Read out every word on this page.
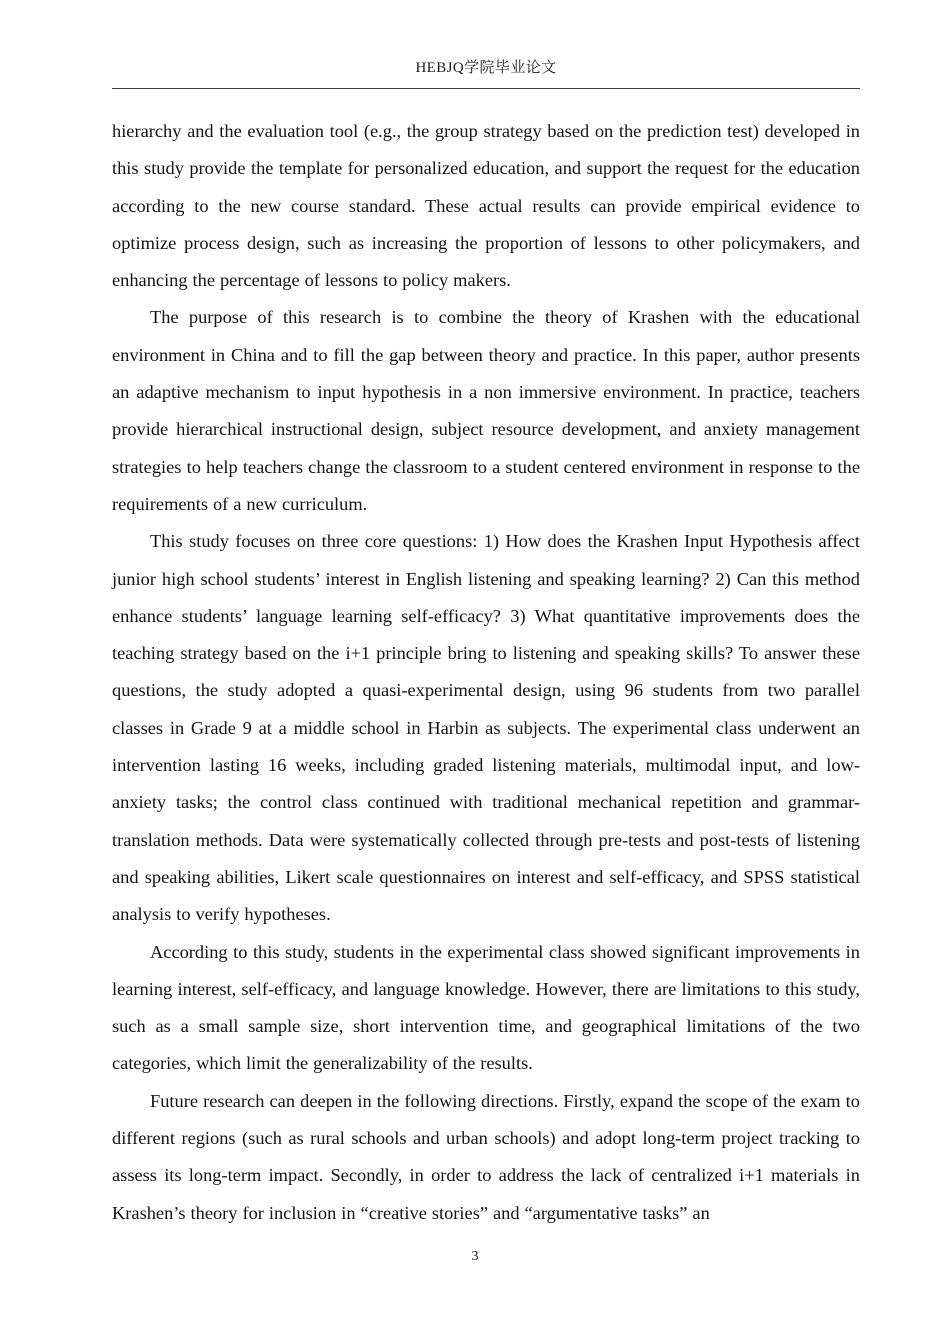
HEBJQ学院毕业论文

hierarchy and the evaluation tool (e.g., the group strategy based on the prediction test) developed in this study provide the template for personalized education, and support the request for the education according to the new course standard. These actual results can provide empirical evidence to optimize process design, such as increasing the proportion of lessons to other policymakers, and enhancing the percentage of lessons to policy makers.

The purpose of this research is to combine the theory of Krashen with the educational environment in China and to fill the gap between theory and practice. In this paper, author presents an adaptive mechanism to input hypothesis in a non immersive environment. In practice, teachers provide hierarchical instructional design, subject resource development, and anxiety management strategies to help teachers change the classroom to a student centered environment in response to the requirements of a new curriculum.

This study focuses on three core questions: 1) How does the Krashen Input Hypothesis affect junior high school students’ interest in English listening and speaking learning? 2) Can this method enhance students’ language learning self-efficacy? 3) What quantitative improvements does the teaching strategy based on the i+1 principle bring to listening and speaking skills? To answer these questions, the study adopted a quasi-experimental design, using 96 students from two parallel classes in Grade 9 at a middle school in Harbin as subjects. The experimental class underwent an intervention lasting 16 weeks, including graded listening materials, multimodal input, and low-anxiety tasks; the control class continued with traditional mechanical repetition and grammar-translation methods. Data were systematically collected through pre-tests and post-tests of listening and speaking abilities, Likert scale questionnaires on interest and self-efficacy, and SPSS statistical analysis to verify hypotheses.

According to this study, students in the experimental class showed significant improvements in learning interest, self-efficacy, and language knowledge. However, there are limitations to this study, such as a small sample size, short intervention time, and geographical limitations of the two categories, which limit the generalizability of the results.

Future research can deepen in the following directions. Firstly, expand the scope of the exam to different regions (such as rural schools and urban schools) and adopt long-term project tracking to assess its long-term impact. Secondly, in order to address the lack of centralized i+1 materials in Krashen’s theory for inclusion in “creative stories” and “argumentative tasks” an

3
